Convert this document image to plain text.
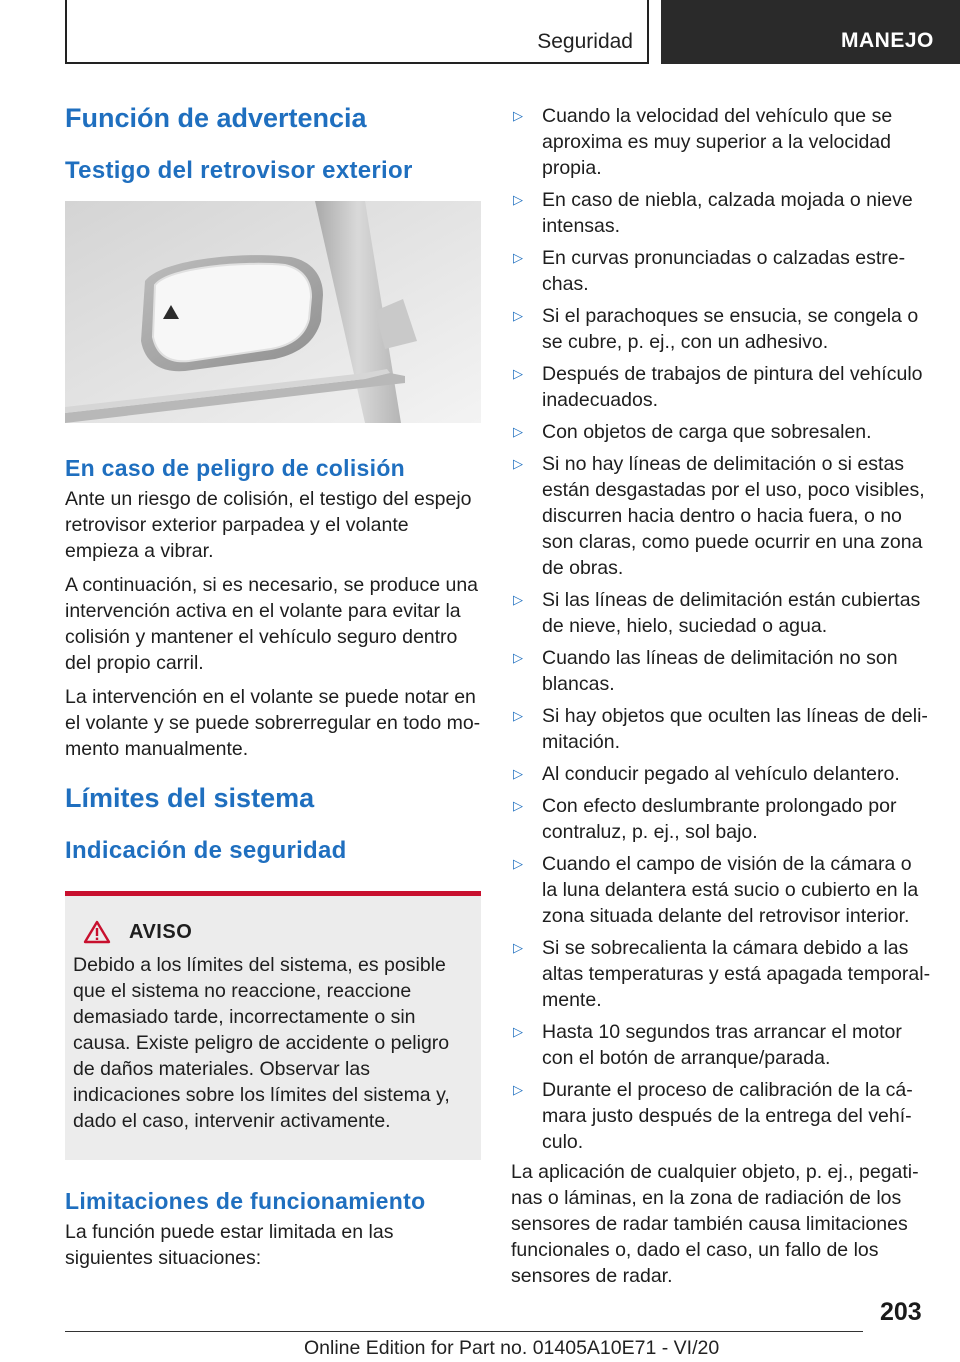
Seguridad	MANEJO
Función de advertencia
Testigo del retrovisor exterior
En caso de peligro de colisión

Ante un riesgo de colisión, el testigo del espejo retrovisor exterior parpadea y el volante empieza a vibrar.

A continuación, si es necesario, se produce una intervención activa en el volante para evitar la colisión y mantener el vehículo seguro dentro del propio carril.

La intervención en el volante se puede notar en el volante y se puede sobrerregular en todo momento manualmente.

Límites del sistema
Indicación de seguridad
AVISO

Debido a los límites del sistema, es posible que el sistema no reaccione, reaccione demasiado tarde, incorrectamente o sin causa. Existe peligro de accidente o peligro de daños materiales. Observar las indicaciones sobre los límites del sistema y, dado el caso, intervenir activamente.

Limitaciones de funcionamiento

La función puede estar limitada en las siguientes situaciones:

▷ Cuando la velocidad del vehículo que se aproxima es muy superior a la velocidad propia.
▷ En caso de niebla, calzada mojada o nieve intensas.
▷ En curvas pronunciadas o calzadas estrechas.
▷ Si el parachoques se ensucia, se congela o se cubre, p. ej., con un adhesivo.
▷ Después de trabajos de pintura del vehículo inadecuados.
▷ Con objetos de carga que sobresalen.
▷ Si no hay líneas de delimitación o si estas están desgastadas por el uso, poco visibles, discurren hacia dentro o hacia fuera, o no son claras, como puede ocurrir en una zona de obras.
▷ Si las líneas de delimitación están cubiertas de nieve, hielo, suciedad o agua.
▷ Cuando las líneas de delimitación no son blancas.
▷ Si hay objetos que oculten las líneas de delimitación.
▷ Al conducir pegado al vehículo delantero.
▷ Con efecto deslumbrante prolongado por contraluz, p. ej., sol bajo.
▷ Cuando el campo de visión de la cámara o la luna delantera está sucio o cubierto en la zona situada delante del retrovisor interior.
▷ Si se sobrecalienta la cámara debido a las altas temperaturas y está apagada temporalmente.
▷ Hasta 10 segundos tras arrancar el motor con el botón de arranque/parada.
▷ Durante el proceso de calibración de la cámara justo después de la entrega del vehículo.

La aplicación de cualquier objeto, p. ej., pegatinas o láminas, en la zona de radiación de los sensores de radar también causa limitaciones funcionales o, dado el caso, un fallo de los sensores de radar.

203
Online Edition for Part no. 01405A10E71 - VI/20
